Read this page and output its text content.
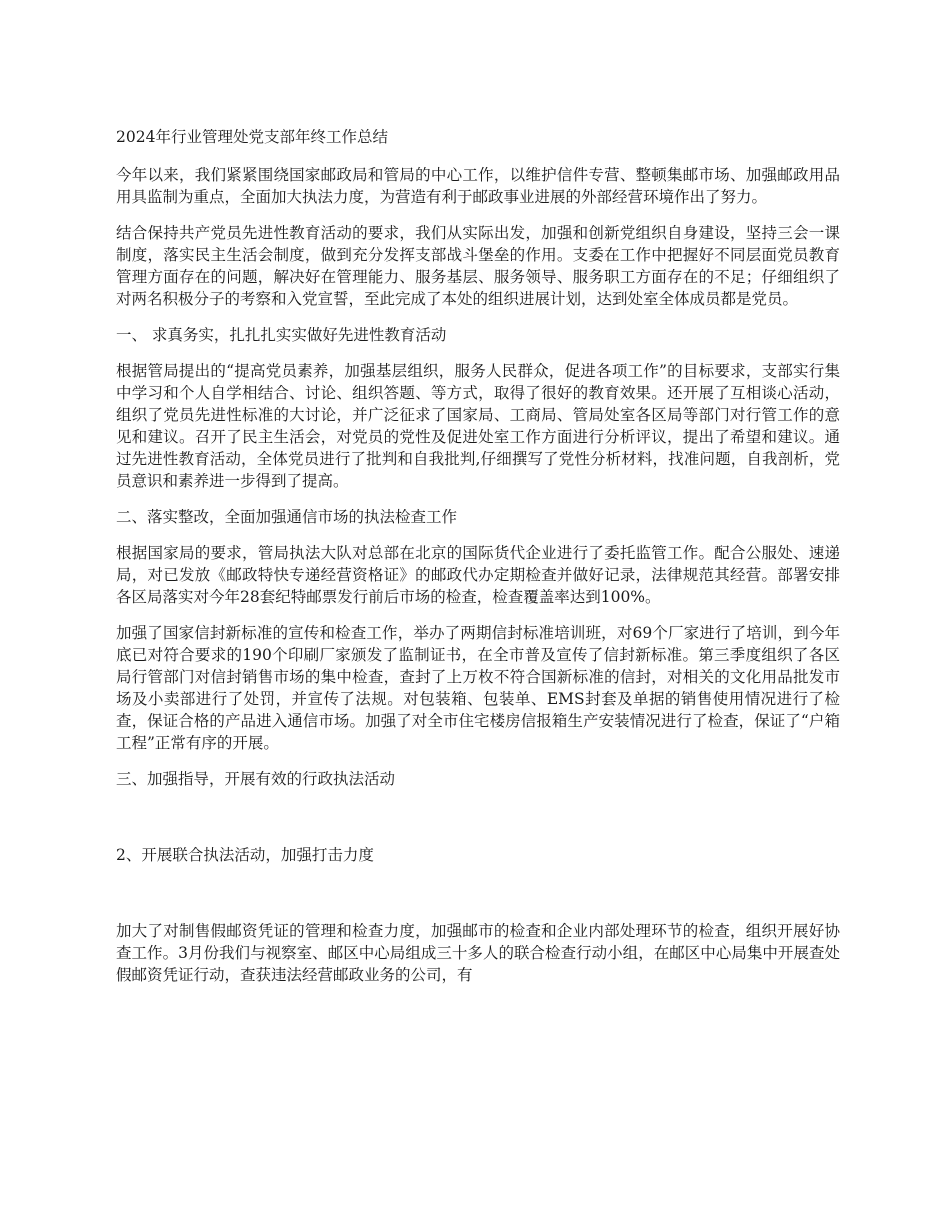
2024年行业管理处党支部年终工作总结

今年以来，我们紧紧围绕国家邮政局和管局的中心工作，以维护信件专营、整顿集邮市场、加强邮政用品用具监制为重点，全面加大执法力度，为营造有利于邮政事业进展的外部经营环境作出了努力。

结合保持共产党员先进性教育活动的要求，我们从实际出发，加强和创新党组织自身建设，坚持三会一课制度，落实民主生活会制度，做到充分发挥支部战斗堡垒的作用。支委在工作中把握好不同层面党员教育管理方面存在的问题，解决好在管理能力、服务基层、服务领导、服务职工方面存在的不足；仔细组织了对两名积极分子的考察和入党宣誓，至此完成了本处的组织进展计划，达到处室全体成员都是党员。

一、 求真务实，扎扎扎实实做好先进性教育活动

根据管局提出的“提高党员素养，加强基层组织，服务人民群众，促进各项工作”的目标要求，支部实行集中学习和个人自学相结合、讨论、组织答题、等方式，取得了很好的教育效果。还开展了互相谈心活动，组织了党员先进性标准的大讨论，并广泛征求了国家局、工商局、管局处室各区局等部门对行管工作的意见和建议。召开了民主生活会，对党员的党性及促进处室工作方面进行分析评议，提出了希望和建议。通过先进性教育活动，全体党员进行了批判和自我批判,仔细撰写了党性分析材料，找准问题，自我剖析，党员意识和素养进一步得到了提高。

二、落实整改，全面加强通信市场的执法检查工作

根据国家局的要求，管局执法大队对总部在北京的国际货代企业进行了委托监管工作。配合公服处、速递局，对已发放《邮政特快专递经营资格证》的邮政代办定期检查并做好记录，法律规范其经营。部署安排各区局落实对今年28套纪特邮票发行前后市场的检查，检查覆盖率达到100%。

加强了国家信封新标准的宣传和检查工作，举办了两期信封标准培训班，对69个厂家进行了培训，到今年底已对符合要求的190个印刷厂家颁发了监制证书，在全市普及宣传了信封新标准。第三季度组织了各区局行管部门对信封销售市场的集中检查，查封了上万枚不符合国新标准的信封，对相关的文化用品批发市场及小卖部进行了处罚，并宣传了法规。对包装箱、包装单、EMS封套及单据的销售使用情况进行了检查，保证合格的产品进入通信市场。加强了对全市住宅楼房信报箱生产安装情况进行了检查，保证了“户箱工程”正常有序的开展。

三、加强指导，开展有效的行政执法活动

2、开展联合执法活动，加强打击力度

加大了对制售假邮资凭证的管理和检查力度，加强邮市的检查和企业内部处理环节的检查，组织开展好协查工作。3月份我们与视察室、邮区中心局组成三十多人的联合检查行动小组，在邮区中心局集中开展查处假邮资凭证行动，查获违法经营邮政业务的公司，有
